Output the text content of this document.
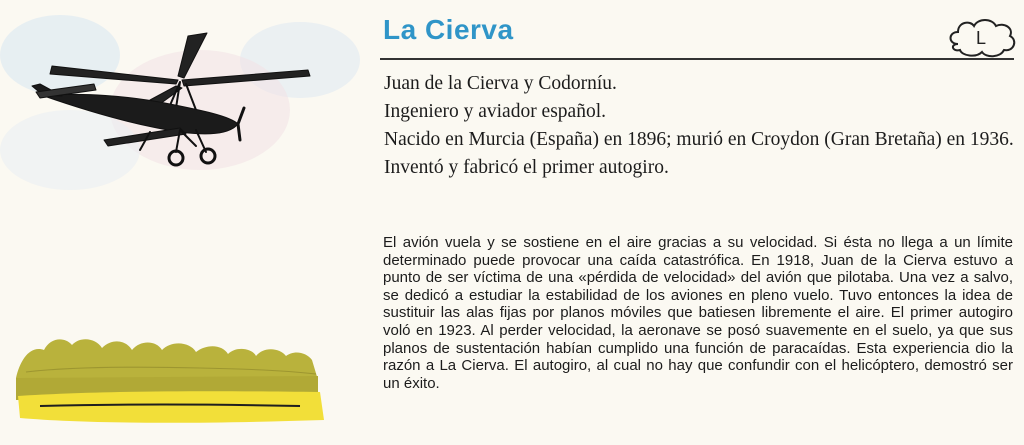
La Cierva	L

Juan de la Cierva y Codorníu.

Ingeniero y aviador español.

Nacido en Murcia (España) en 1896; murió en Croydon (Gran Bretaña) en 1936.

Inventó y fabricó el primer autogiro.

El avión vuela y se sostiene en el aire gracias a su velocidad. Si ésta no llega a un límite determinado puede provocar una caída catastrófica. En 1918, Juan de la Cierva estuvo a punto de ser víctima de una «pérdida de velocidad» del avión que pilotaba. Una vez a salvo, se dedicó a estudiar la estabilidad de los aviones en pleno vuelo. Tuvo entonces la idea de sustituir las alas fijas por planos móviles que batiesen libremente el aire. El primer autogiro voló en 1923. Al perder velocidad, la aeronave se posó suavemente en el suelo, ya que sus planos de sustentación habían cumplido una función de paracaídas. Esta experiencia dio la razón a La Cierva. El autogiro, al cual no hay que confundir con el helicóptero, demostró ser un éxito.
